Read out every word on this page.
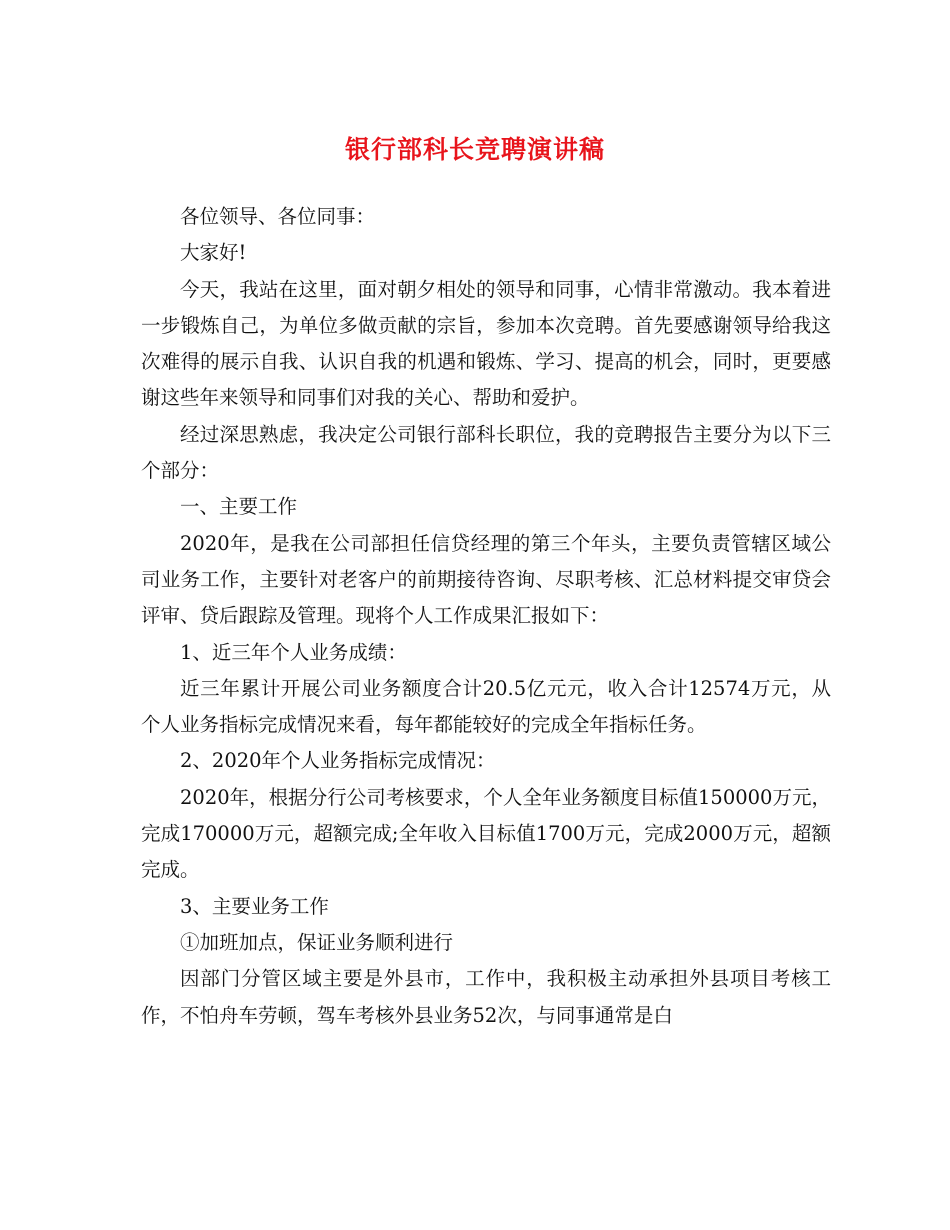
银行部科长竞聘演讲稿

各位领导、各位同事：

大家好!

今天，我站在这里，面对朝夕相处的领导和同事，心情非常激动。我本着进一步锻炼自己，为单位多做贡献的宗旨，参加本次竞聘。首先要感谢领导给我这次难得的展示自我、认识自我的机遇和锻炼、学习、提高的机会，同时，更要感谢这些年来领导和同事们对我的关心、帮助和爱护。

经过深思熟虑，我决定公司银行部科长职位，我的竞聘报告主要分为以下三个部分：

一、主要工作

2020年，是我在公司部担任信贷经理的第三个年头，主要负责管辖区域公司业务工作，主要针对老客户的前期接待咨询、尽职考核、汇总材料提交审贷会评审、贷后跟踪及管理。现将个人工作成果汇报如下：

1、近三年个人业务成绩：

近三年累计开展公司业务额度合计20.5亿元元，收入合计12574万元，从个人业务指标完成情况来看，每年都能较好的完成全年指标任务。

2、2020年个人业务指标完成情况：

2020年，根据分行公司考核要求，个人全年业务额度目标值150000万元，完成170000万元，超额完成;全年收入目标值1700万元，完成2000万元，超额完成。

3、主要业务工作

①加班加点，保证业务顺利进行

因部门分管区域主要是外县市，工作中，我积极主动承担外县项目考核工作，不怕舟车劳顿，驾车考核外县业务52次，与同事通常是白
